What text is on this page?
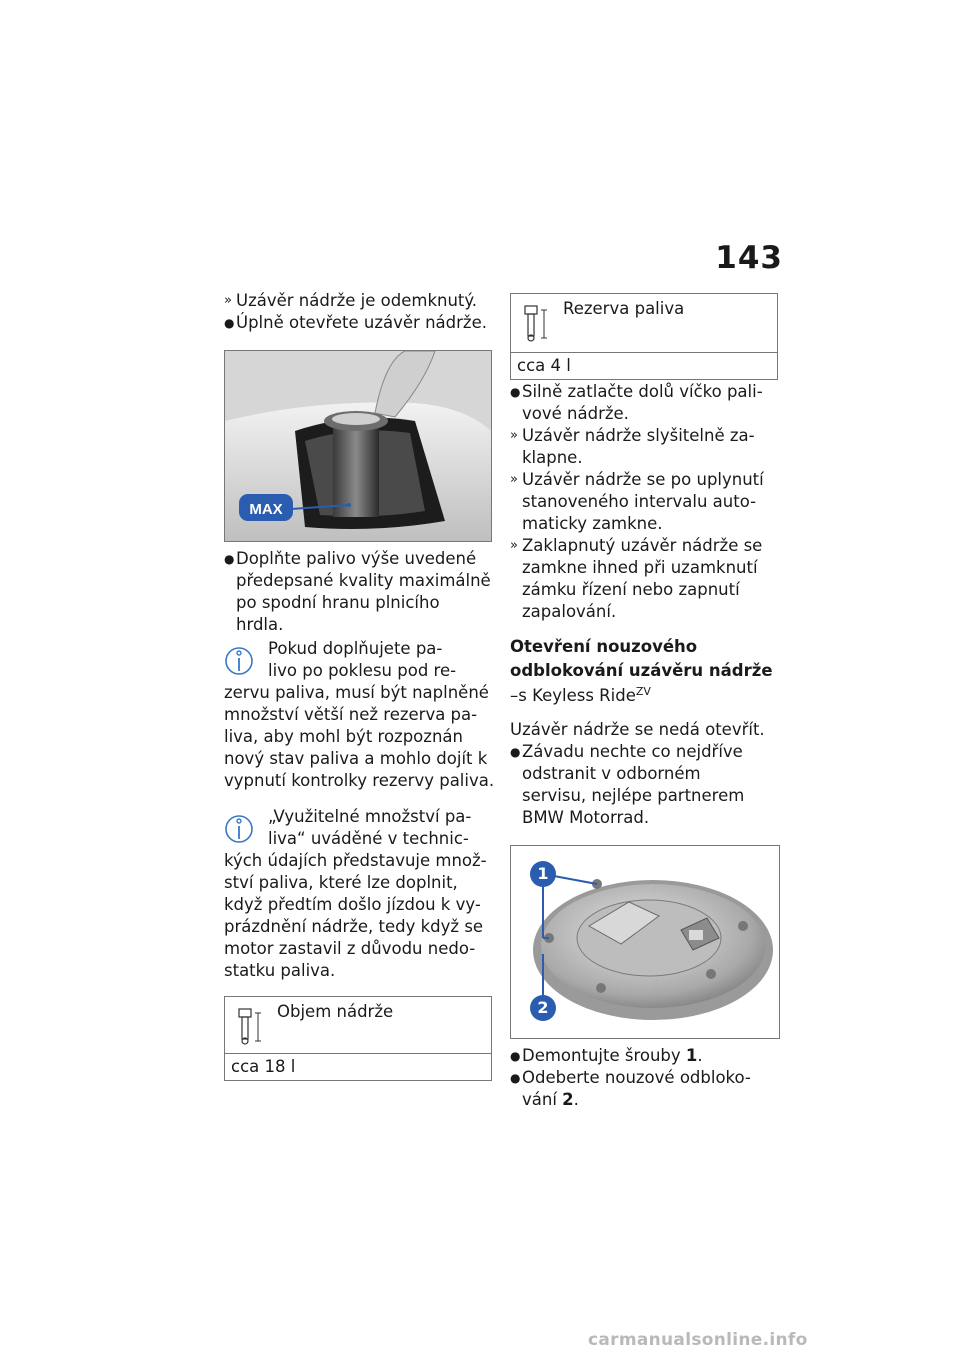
143
» Uzávěr nádrže je odemknutý.
● Úplně otevřete uzávěr nádrže.
MAX
● Doplňte palivo výše uvedené
předepsané kvality maximálně
po spodní hranu plnicího
hrdla.
Pokud doplňujete pa-
livo po poklesu pod re-
zervu paliva, musí být naplněné
množství větší než rezerva pa-
liva, aby mohl být rozpoznán
nový stav paliva a mohlo dojít k
vypnutí kontrolky rezervy paliva.
„Využitelné množství pa-
liva“ uváděné v technic-
kých údajích představuje množ-
ství paliva, které lze doplnit,
když předtím došlo jízdou k vy-
prázdnění nádrže, tedy když se
motor zastavil z důvodu nedo-
statku paliva.
Objem nádrže
cca 18 l
Rezerva paliva
cca 4 l
● Silně zatlačte dolů víčko pali-
vové nádrže.
» Uzávěr nádrže slyšitelně za-
klapne.
» Uzávěr nádrže se po uplynutí
stanoveného intervalu auto-
maticky zamkne.
» Zaklapnutý uzávěr nádrže se
zamkne ihned při uzamknutí
zámku řízení nebo zapnutí
zapalování.
Otevření nouzového
odblokování uzávěru nádrže
–s Keyless Ride$^{ZV}$
Uzávěr nádrže se nedá otevřít.
● Závadu nechte co nejdříve
odstranit v odborném
servisu, nejlépe partnerem
BMW Motorrad.
1
2
● Demontujte šrouby 1.
● Odeberte nouzové odbloko-
vání 2.
carmanualsonline.info
